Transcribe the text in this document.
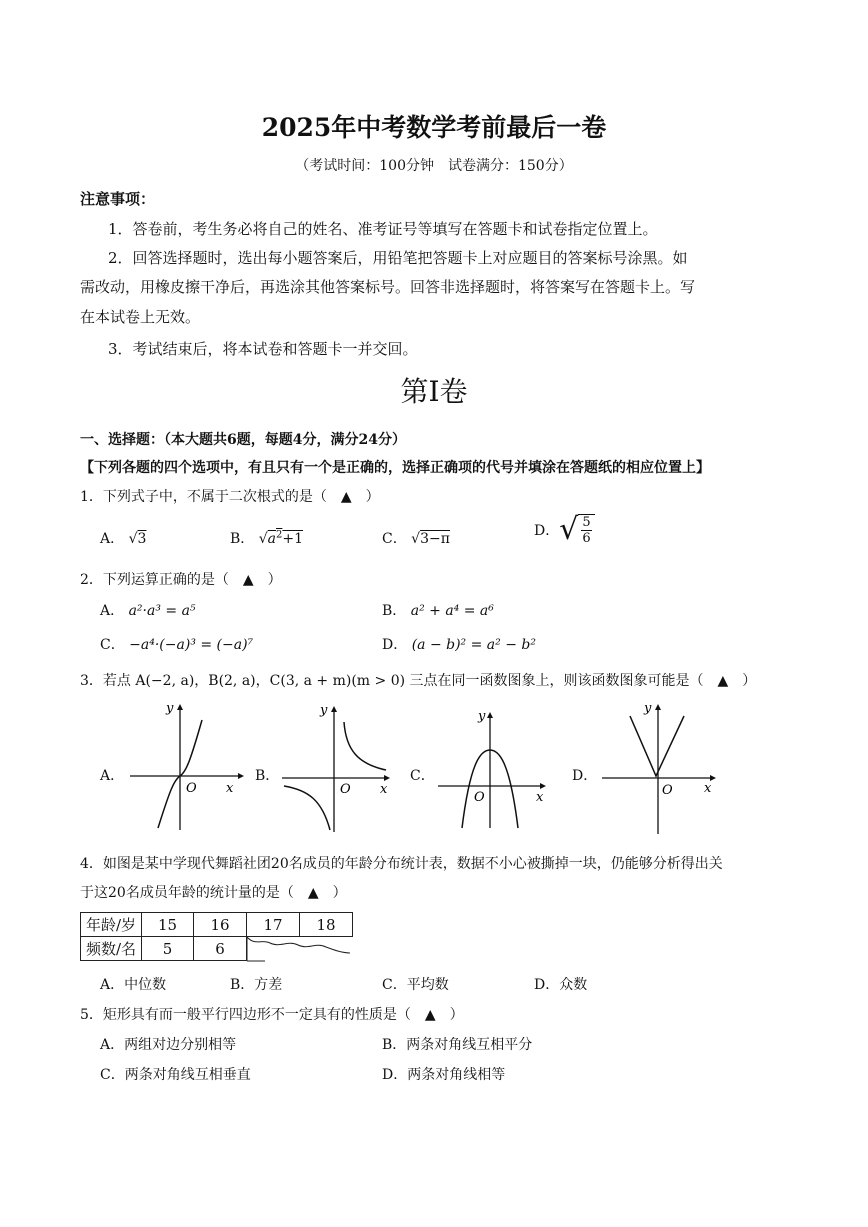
2025年中考数学考前最后一卷
（考试时间：100分钟　试卷满分：150分）
注意事项：
1．答卷前，考生务必将自己的姓名、准考证号等填写在答题卡和试卷指定位置上。
2．回答选择题时，选出每小题答案后，用铅笔把答题卡上对应题目的答案标号涂黑。如
需改动，用橡皮擦干净后，再选涂其他答案标号。回答非选择题时，将答案写在答题卡上。写
在本试卷上无效。
3．考试结束后，将本试卷和答题卡一并交回。
第Ⅰ卷
一、选择题：（本大题共6题，每题4分，满分24分）
【下列各题的四个选项中，有且只有一个是正确的，选择正确项的代号并填涂在答题纸的相应位置上】
1．下列式子中，不属于二次根式的是（　▲　）
A． √3	B． $√a^2+1$	C． √3−π	D． √ $\frac{5}{6}$
2．下列运算正确的是（　▲　）
A． a²·a³ = a⁵	B． a² + a⁴ = a⁶
C． −a⁴·(−a)³ = (−a)⁷	D． (a − b)² = a² − b²
3．若点 A(−2, a)，B(2, a)，C(3, a + m)(m > 0) 三点在同一函数图象上，则该函数图象可能是（　▲　）
A．
y
O x
B．
y
O x
C．
y
O	x
D．
y
O x
4．如图是某中学现代舞蹈社团20名成员的年龄分布统计表，数据不小心被撕掉一块，仍能够分析得出关
于这20名成员年龄的统计量的是（　▲　）
年龄/岁	15	16	17	18
频数/名	5	6		
A．中位数	B．方差	C．平均数	D．众数
5．矩形具有而一般平行四边形不一定具有的性质是（　▲　）
A．两组对边分别相等	B．两条对角线互相平分
C．两条对角线互相垂直	D．两条对角线相等
